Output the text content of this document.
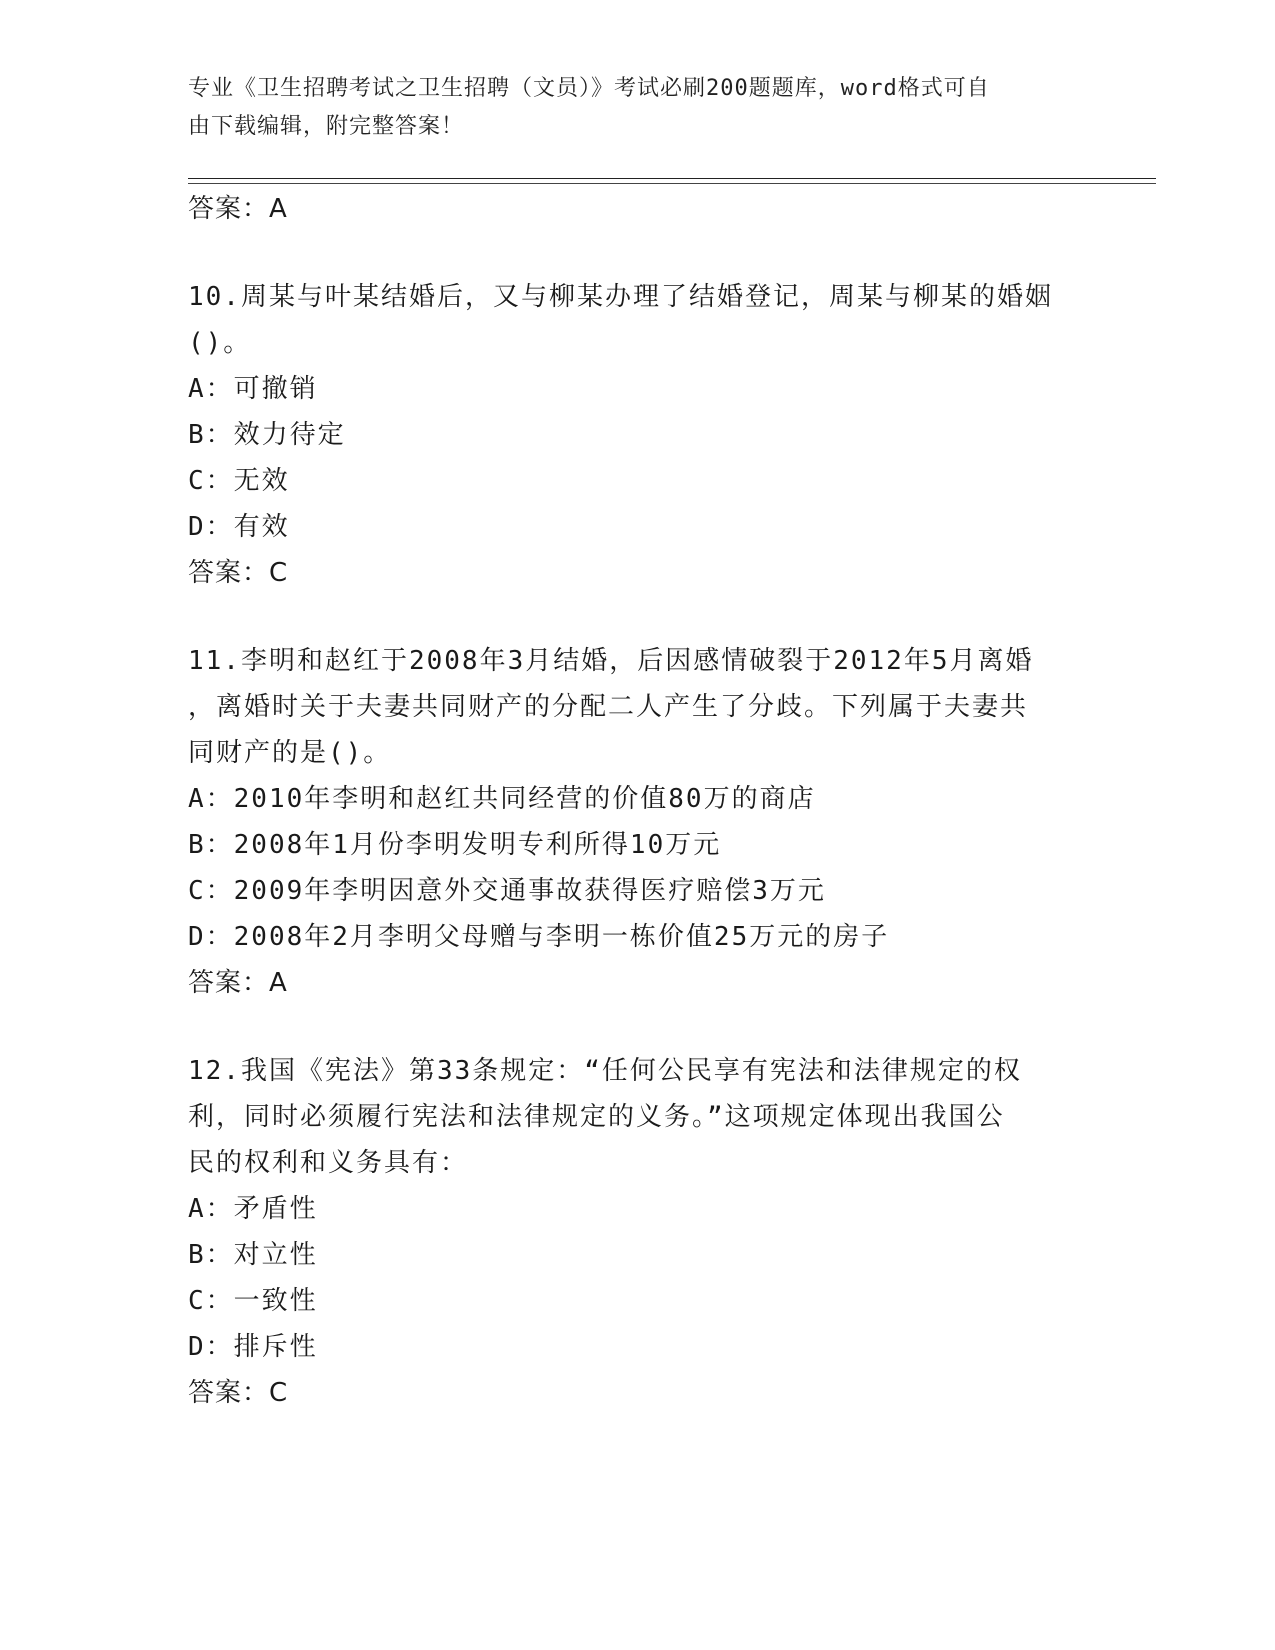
专业《卫生招聘考试之卫生招聘（文员）》考试必刷200题题库，word格式可自
由下载编辑，附完整答案！
答案：A
10.周某与叶某结婚后，又与柳某办理了结婚登记，周某与柳某的婚姻
()。
A：可撤销
B：效力待定
C：无效
D：有效
答案：C
11.李明和赵红于2008年3月结婚，后因感情破裂于2012年5月离婚
，离婚时关于夫妻共同财产的分配二人产生了分歧。下列属于夫妻共
同财产的是()。
A：2010年李明和赵红共同经营的价值80万的商店
B：2008年1月份李明发明专利所得10万元
C：2009年李明因意外交通事故获得医疗赔偿3万元
D：2008年2月李明父母赠与李明一栋价值25万元的房子
答案：A
12.我国《宪法》第33条规定：“任何公民享有宪法和法律规定的权
利，同时必须履行宪法和法律规定的义务。”这项规定体现出我国公
民的权利和义务具有：
A：矛盾性
B：对立性
C：一致性
D：排斥性
答案：C
